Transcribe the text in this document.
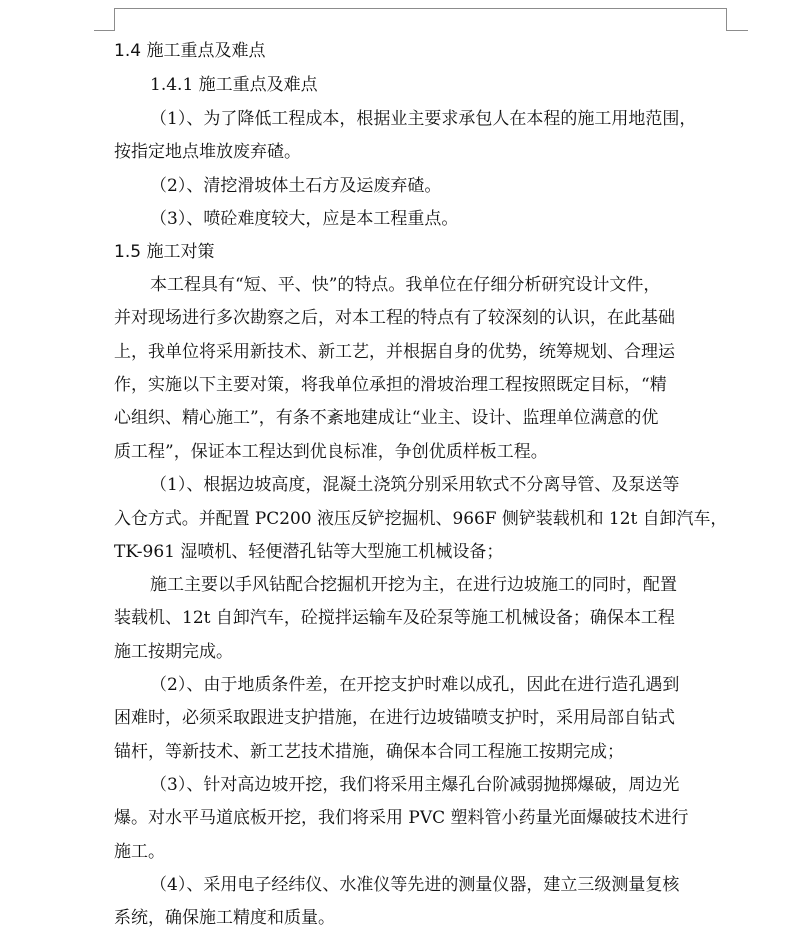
1.4 施工重点及难点
1.4.1 施工重点及难点
（1）、为了降低工程成本，根据业主要求承包人在本程的施工用地范围，
按指定地点堆放废弃碴。
（2）、清挖滑坡体土石方及运废弃碴。
（3）、喷砼难度较大，应是本工程重点。
1.5 施工对策
本工程具有“短、平、快”的特点。我单位在仔细分析研究设计文件，
并对现场进行多次勘察之后，对本工程的特点有了较深刻的认识，在此基础
上，我单位将采用新技术、新工艺，并根据自身的优势，统筹规划、合理运
作，实施以下主要对策，将我单位承担的滑坡治理工程按照既定目标，“精
心组织、精心施工”，有条不紊地建成让“业主、设计、监理单位满意的优
质工程”，保证本工程达到优良标准，争创优质样板工程。
（1）、根据边坡高度，混凝土浇筑分别采用软式不分离导管、及泵送等
入仓方式。并配置 PC200 液压反铲挖掘机、966F 侧铲装载机和 12t 自卸汽车，
TK-961 湿喷机、轻便潜孔钻等大型施工机械设备；
施工主要以手风钻配合挖掘机开挖为主，在进行边坡施工的同时，配置
装载机、12t 自卸汽车，砼搅拌运输车及砼泵等施工机械设备；确保本工程
施工按期完成。
（2）、由于地质条件差，在开挖支护时难以成孔，因此在进行造孔遇到
困难时，必须采取跟进支护措施，在进行边坡锚喷支护时，采用局部自钻式
锚杆，等新技术、新工艺技术措施，确保本合同工程施工按期完成；
（3）、针对高边坡开挖，我们将采用主爆孔台阶减弱抛掷爆破，周边光
爆。对水平马道底板开挖，我们将采用 PVC 塑料管小药量光面爆破技术进行
施工。
（4）、采用电子经纬仪、水准仪等先进的测量仪器，建立三级测量复核
系统，确保施工精度和质量。
